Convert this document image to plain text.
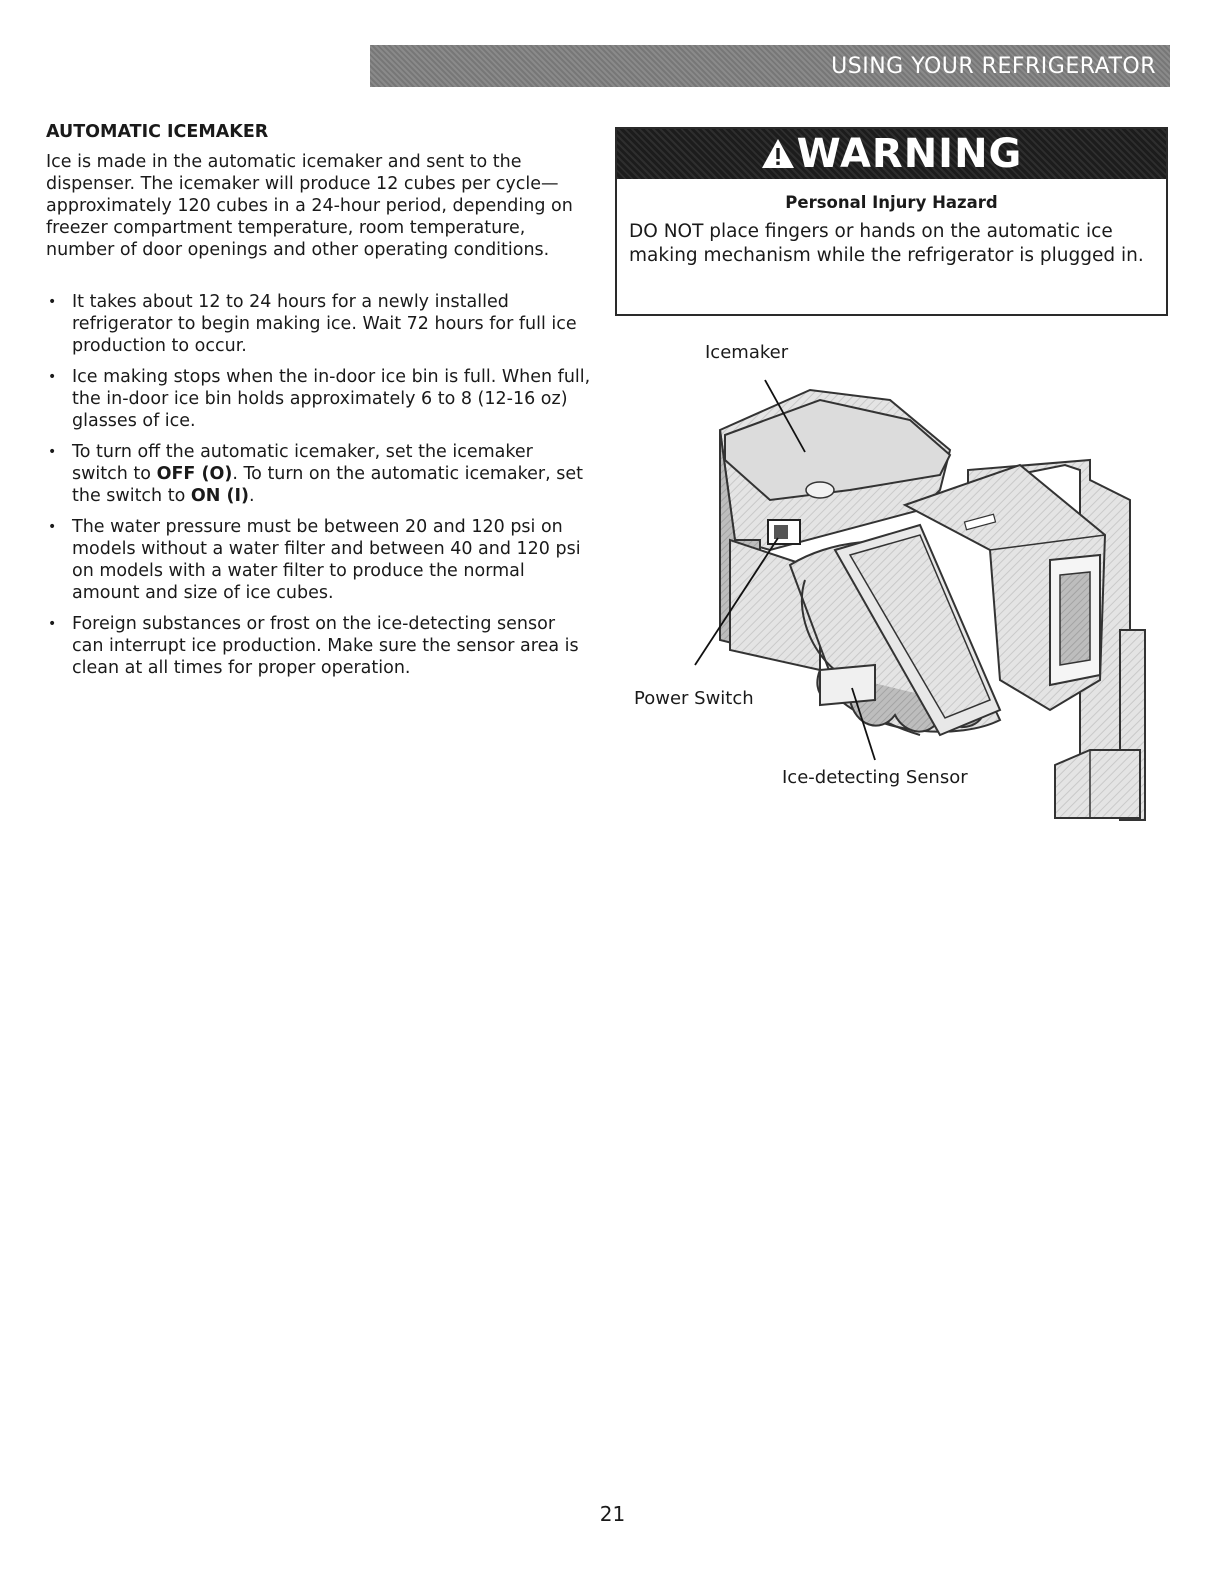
USING YOUR REFRIGERATOR
AUTOMATIC ICEMAKER

Ice is made in the automatic icemaker and sent to the dispenser. The icemaker will produce 12 cubes per cycle—approximately 120 cubes in a 24-hour period, depending on freezer compartment temperature, room temperature, number of door openings and other operating conditions.

• It takes about 12 to 24 hours for a newly installed refrigerator to begin making ice. Wait 72 hours for full ice production to occur.
• Ice making stops when the in-door ice bin is full. When full, the in-door ice bin holds approximately 6 to 8 (12-16 oz) glasses of ice.
• To turn off the automatic icemaker, set the icemaker switch to OFF (O). To turn on the automatic icemaker, set the switch to ON (I).
• The water pressure must be between 20 and 120 psi on models without a water filter and between 40 and 120 psi on models with a water filter to produce the normal amount and size of ice cubes.
• Foreign substances or frost on the ice-detecting sensor can interrupt ice production. Make sure the sensor area is clean at all times for proper operation.
WARNING
Personal Injury Hazard
DO NOT place fingers or hands on the automatic ice making mechanism while the refrigerator is plugged in.
Icemaker
Power Switch
Ice-detecting Sensor
21
